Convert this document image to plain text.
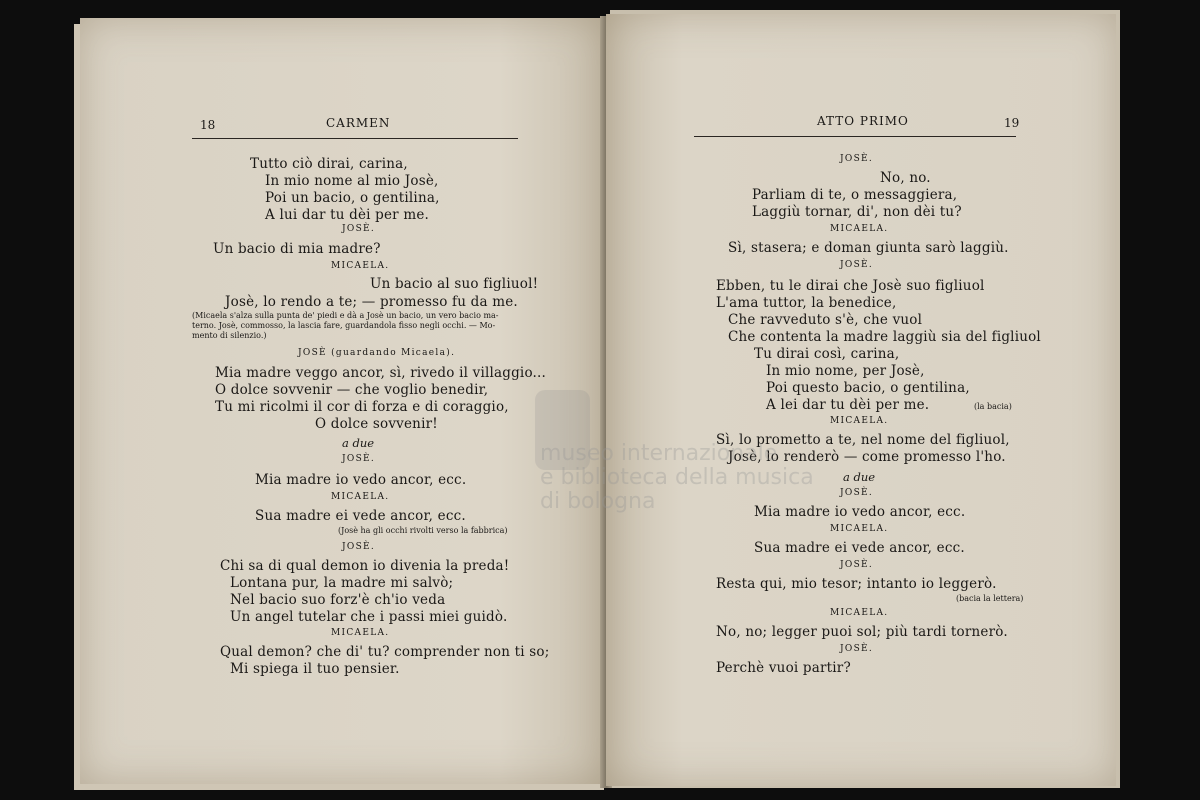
18	CARMEN
Tutto ciò dirai, carina,
In mio nome al mio Josè,
Poi un bacio, o gentilina,
A lui dar tu dèi per me.
JOSÈ.
Un bacio di mia madre?
MICAELA.
Un bacio al suo figliuol!
Josè, lo rendo a te; — promesso fu da me.
(Micaela s'alza sulla punta de' piedi e dà a Josè un bacio, un vero bacio ma-
terno. Josè, commosso, la lascia fare, guardandola fisso negli occhi. — Mo-
mento di silenzio.)
JOSÈ (guardando Micaela).
Mia madre veggo ancor, sì, rivedo il villaggio...
O dolce sovvenir — che voglio benedir,
Tu mi ricolmi il cor di forza e di coraggio,
O dolce sovvenir!
a due
JOSÈ.
Mia madre io vedo ancor, ecc.
MICAELA.
Sua madre ei vede ancor, ecc.
(Josè ha gli occhi rivolti verso la fabbrica)
JOSÈ.
Chi sa di qual demon io divenia la preda!
Lontana pur, la madre mi salvò;
Nel bacio suo forz'è ch'io veda
Un angel tutelar che i passi miei guidò.
MICAELA.
Qual demon? che di' tu? comprender non ti so;
Mi spiega il tuo pensier.
ATTO PRIMO	19
JOSÈ.
No, no.
Parliam di te, o messaggiera,
Laggiù tornar, di', non dèi tu?
MICAELA.
Sì, stasera; e doman giunta sarò laggiù.
JOSÈ.
Ebben, tu le dirai che Josè suo figliuol
L'ama tuttor, la benedice,
Che ravveduto s'è, che vuol
Che contenta la madre laggiù sia del figliuol
Tu dirai così, carina,
In mio nome, per Josè,
Poi questo bacio, o gentilina,
A lei dar tu dèi per me.	(la bacia)
MICAELA.
Sì, lo prometto a te, nel nome del figliuol,
Josè, lo renderò — come promesso l'ho.
a due
JOSÈ.
Mia madre io vedo ancor, ecc.
MICAELA.
Sua madre ei vede ancor, ecc.
JOSÈ.
Resta qui, mio tesor; intanto io leggerò.
(bacia la lettera)
MICAELA.
No, no; legger puoi sol; più tardi tornerò.
JOSÈ.
Perchè vuoi partir?
museo internazionale
e biblioteca della musica
di bologna
